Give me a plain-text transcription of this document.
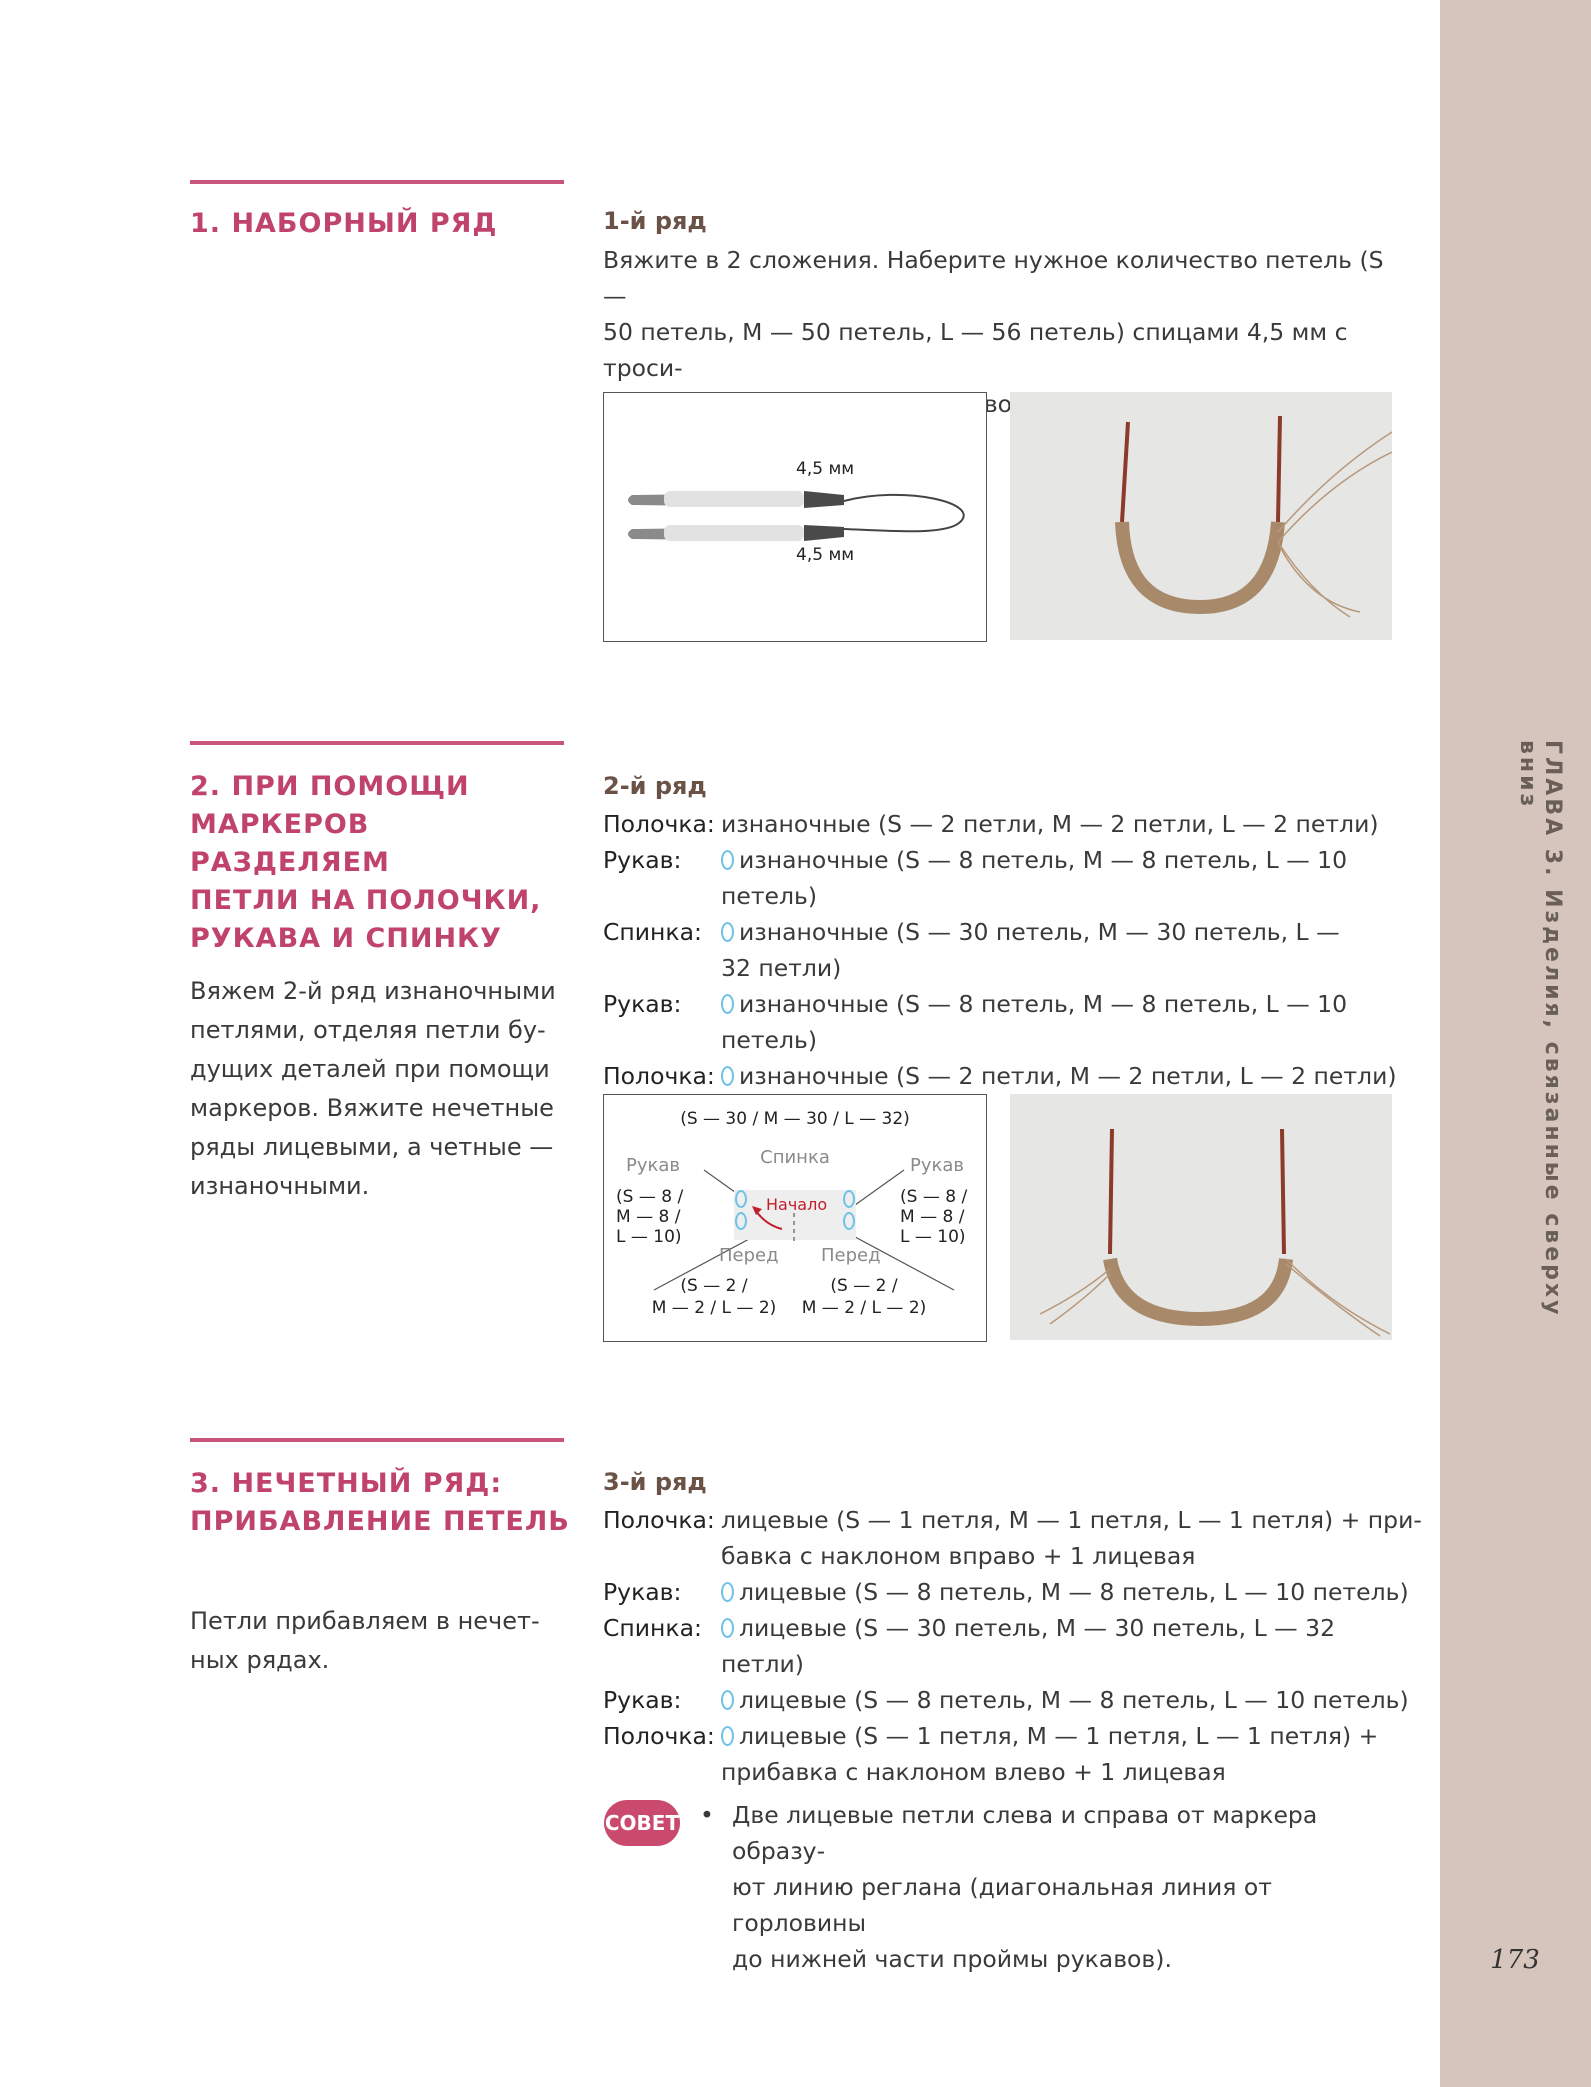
ГЛАВА 3. Изделия, связанные сверху вниз
173
1. НАБОРНЫЙ РЯД	1-й ряд
Вяжите в 2 сложения. Наберите нужное количество петель (S —
50 петель, M — 50 петель, L — 56 петель) спицами 4,5 мм с троси-
4,5 мм
4,5 мм
2. ПРИ ПОМОЩИ
МАРКЕРОВ РАЗДЕЛЯЕМ
ПЕТЛИ НА ПОЛОЧКИ,
РУКАВА И СПИНКУ
Вяжем 2-й ряд изнаночными
петлями, отделяя петли бу-
дущих деталей при помощи
маркеров. Вяжите нечетные
ряды лицевыми, а четные —
изнаночными.
2-й ряд
Полочка: изнаночные (S — 2 петли, M — 2 петли, L — 2 петли)
Рукав:	изнаночные (S — 8 петель, M — 8 петель, L — 10 петель)
Спинка:	изнаночные (S — 30 петель, M — 30 петель, L —
32 петли)
Рукав:	изнаночные (S — 8 петель, M — 8 петель, L — 10 петель)
Полочка:	изнаночные (S — 2 петли, M — 2 петли, L — 2 петли)
(S — 30 / M — 30 / L — 32)
Спинка
Рукав	Рукав
(S — 8 /
M — 8 /
L — 10)
(S — 8 /
M — 8 /
L — 10)
Начало
Перед Перед
(S — 2 /
M — 2 / L — 2)
(S — 2 /
M — 2 / L — 2)
3. НЕЧЕТНЫЙ РЯД:
ПРИБАВЛЕНИЕ ПЕТЕЛЬ
Петли прибавляем в нечет-
ных рядах.
3-й ряд
Полочка: лицевые (S — 1 петля, M — 1 петля, L — 1 петля) + при-
бавка с наклоном вправо + 1 лицевая
Рукав:	лицевые (S — 8 петель, M — 8 петель, L — 10 петель)
Спинка:	лицевые (S — 30 петель, M — 30 петель, L — 32 петли)
Рукав:	лицевые (S — 8 петель, M — 8 петель, L — 10 петель)
Полочка:	лицевые (S — 1 петля, M — 1 петля, L — 1 петля) +
прибавка с наклоном влево + 1 лицевая
СОВЕТ • Две лицевые петли слева и справа от маркера образу-
ют линию реглана (диагональная линия от горловины
до нижней части проймы рукавов).
